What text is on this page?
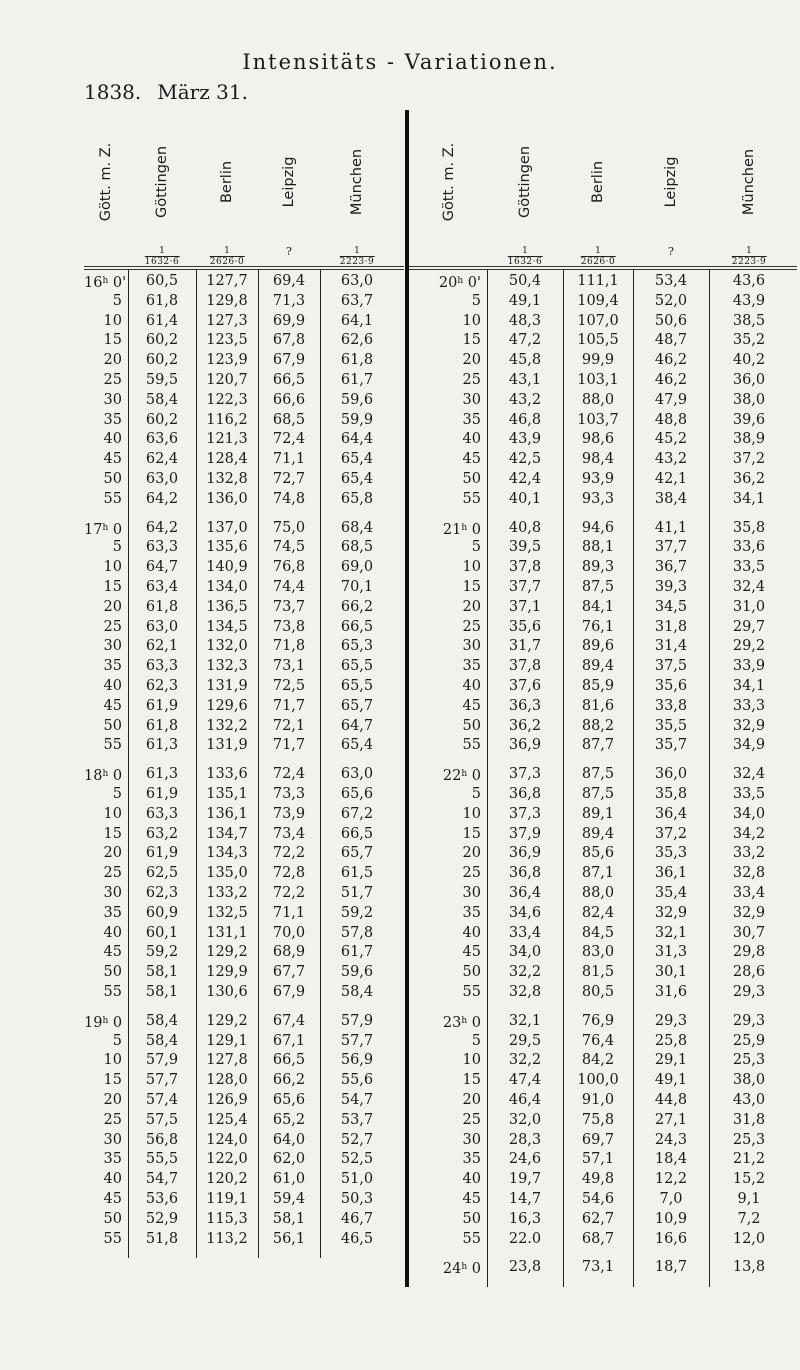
Intensitäts - Variationen.
1838. März 31.
Gött. m. Z.	Göttingen
$\frac{1}{1632\cdot 6}$
Berlin
$\frac{1}{2626\cdot 0}$
Leipzig
?
München
$\frac{1}{2223\cdot 9}$
16$^h$ 0'	60,5	127,7	69,4	63,0
5	61,8	129,8	71,3	63,7
10	61,4	127,3	69,9	64,1
15	60,2	123,5	67,8	62,6
20	60,2	123,9	67,9	61,8
25	59,5	120,7	66,5	61,7
30	58,4	122,3	66,6	59,6
35	60,2	116,2	68,5	59,9
40	63,6	121,3	72,4	64,4
45	62,4	128,4	71,1	65,4
50	63,0	132,8	72,7	65,4
55	64,2	136,0	74,8	65,8
17$^h$ 0	64,2	137,0	75,0	68,4
5	63,3	135,6	74,5	68,5
10	64,7	140,9	76,8	69,0
15	63,4	134,0	74,4	70,1
20	61,8	136,5	73,7	66,2
25	63,0	134,5	73,8	66,5
30	62,1	132,0	71,8	65,3
35	63,3	132,3	73,1	65,5
40	62,3	131,9	72,5	65,5
45	61,9	129,6	71,7	65,7
50	61,8	132,2	72,1	64,7
55	61,3	131,9	71,7	65,4
18$^h$ 0	61,3	133,6	72,4	63,0
5	61,9	135,1	73,3	65,6
10	63,3	136,1	73,9	67,2
15	63,2	134,7	73,4	66,5
20	61,9	134,3	72,2	65,7
25	62,5	135,0	72,8	61,5
30	62,3	133,2	72,2	51,7
35	60,9	132,5	71,1	59,2
40	60,1	131,1	70,0	57,8
45	59,2	129,2	68,9	61,7
50	58,1	129,9	67,7	59,6
55	58,1	130,6	67,9	58,4
19$^h$ 0	58,4	129,2	67,4	57,9
5	58,4	129,1	67,1	57,7
10	57,9	127,8	66,5	56,9
15	57,7	128,0	66,2	55,6
20	57,4	126,9	65,6	54,7
25	57,5	125,4	65,2	53,7
30	56,8	124,0	64,0	52,7
35	55,5	122,0	62,0	52,5
40	54,7	120,2	61,0	51,0
45	53,6	119,1	59,4	50,3
50	52,9	115,3	58,1	46,7
55	51,8	113,2	56,1	46,5
Gött. m. Z.	Göttingen
$\frac{1}{1632\cdot 6}$
Berlin
$\frac{1}{2626\cdot 0}$
Leipzig
?
München
$\frac{1}{2223\cdot 9}$
20$^h$ 0'	50,4	111,1	53,4	43,6
5	49,1	109,4	52,0	43,9
10	48,3	107,0	50,6	38,5
15	47,2	105,5	48,7	35,2
20	45,8	99,9	46,2	40,2
25	43,1	103,1	46,2	36,0
30	43,2	88,0	47,9	38,0
35	46,8	103,7	48,8	39,6
40	43,9	98,6	45,2	38,9
45	42,5	98,4	43,2	37,2
50	42,4	93,9	42,1	36,2
55	40,1	93,3	38,4	34,1
21$^h$ 0	40,8	94,6	41,1	35,8
5	39,5	88,1	37,7	33,6
10	37,8	89,3	36,7	33,5
15	37,7	87,5	39,3	32,4
20	37,1	84,1	34,5	31,0
25	35,6	76,1	31,8	29,7
30	31,7	89,6	31,4	29,2
35	37,8	89,4	37,5	33,9
40	37,6	85,9	35,6	34,1
45	36,3	81,6	33,8	33,3
50	36,2	88,2	35,5	32,9
55	36,9	87,7	35,7	34,9
22$^h$ 0	37,3	87,5	36,0	32,4
5	36,8	87,5	35,8	33,5
10	37,3	89,1	36,4	34,0
15	37,9	89,4	37,2	34,2
20	36,9	85,6	35,3	33,2
25	36,8	87,1	36,1	32,8
30	36,4	88,0	35,4	33,4
35	34,6	82,4	32,9	32,9
40	33,4	84,5	32,1	30,7
45	34,0	83,0	31,3	29,8
50	32,2	81,5	30,1	28,6
55	32,8	80,5	31,6	29,3
23$^h$ 0	32,1	76,9	29,3	29,3
5	29,5	76,4	25,8	25,9
10	32,2	84,2	29,1	25,3
15	47,4	100,0	49,1	38,0
20	46,4	91,0	44,8	43,0
25	32,0	75,8	27,1	31,8
30	28,3	69,7	24,3	25,3
35	24,6	57,1	18,4	21,2
40	19,7	49,8	12,2	15,2
45	14,7	54,6	7,0	9,1
50	16,3	62,7	10,9	7,2
55	22.0	68,7	16,6	12,0
24$^h$ 0	23,8	73,1	18,7	13,8
